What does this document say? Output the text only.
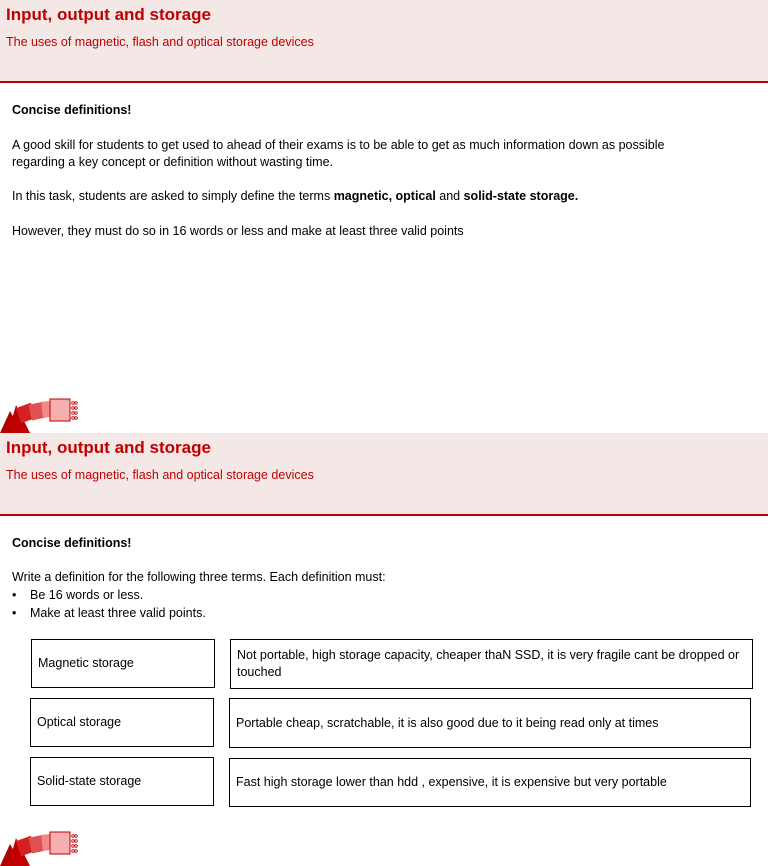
Input, output and storage
The uses of magnetic, flash and optical storage devices
Concise definitions!
A good skill for students to get used to ahead of their exams is to be able to get as much information down as possible regarding a key concept or definition without wasting time.
In this task, students are asked to simply define the terms magnetic, optical and solid-state storage.
However, they must do so in 16 words or less and make at least three valid points
Input, output and storage
The uses of magnetic, flash and optical storage devices
Concise definitions!
Write a definition for the following three terms. Each definition must:
• Be 16 words or less.
• Make at least three valid points.
Magnetic storage
Not portable, high storage capacity, cheaper thaN SSD, it is very fragile cant be dropped or touched
Optical storage	Portable cheap, scratchable, it is also good due to it being read only at times
Solid-state storage	Fast high storage lower than hdd , expensive, it is expensive but very portable
